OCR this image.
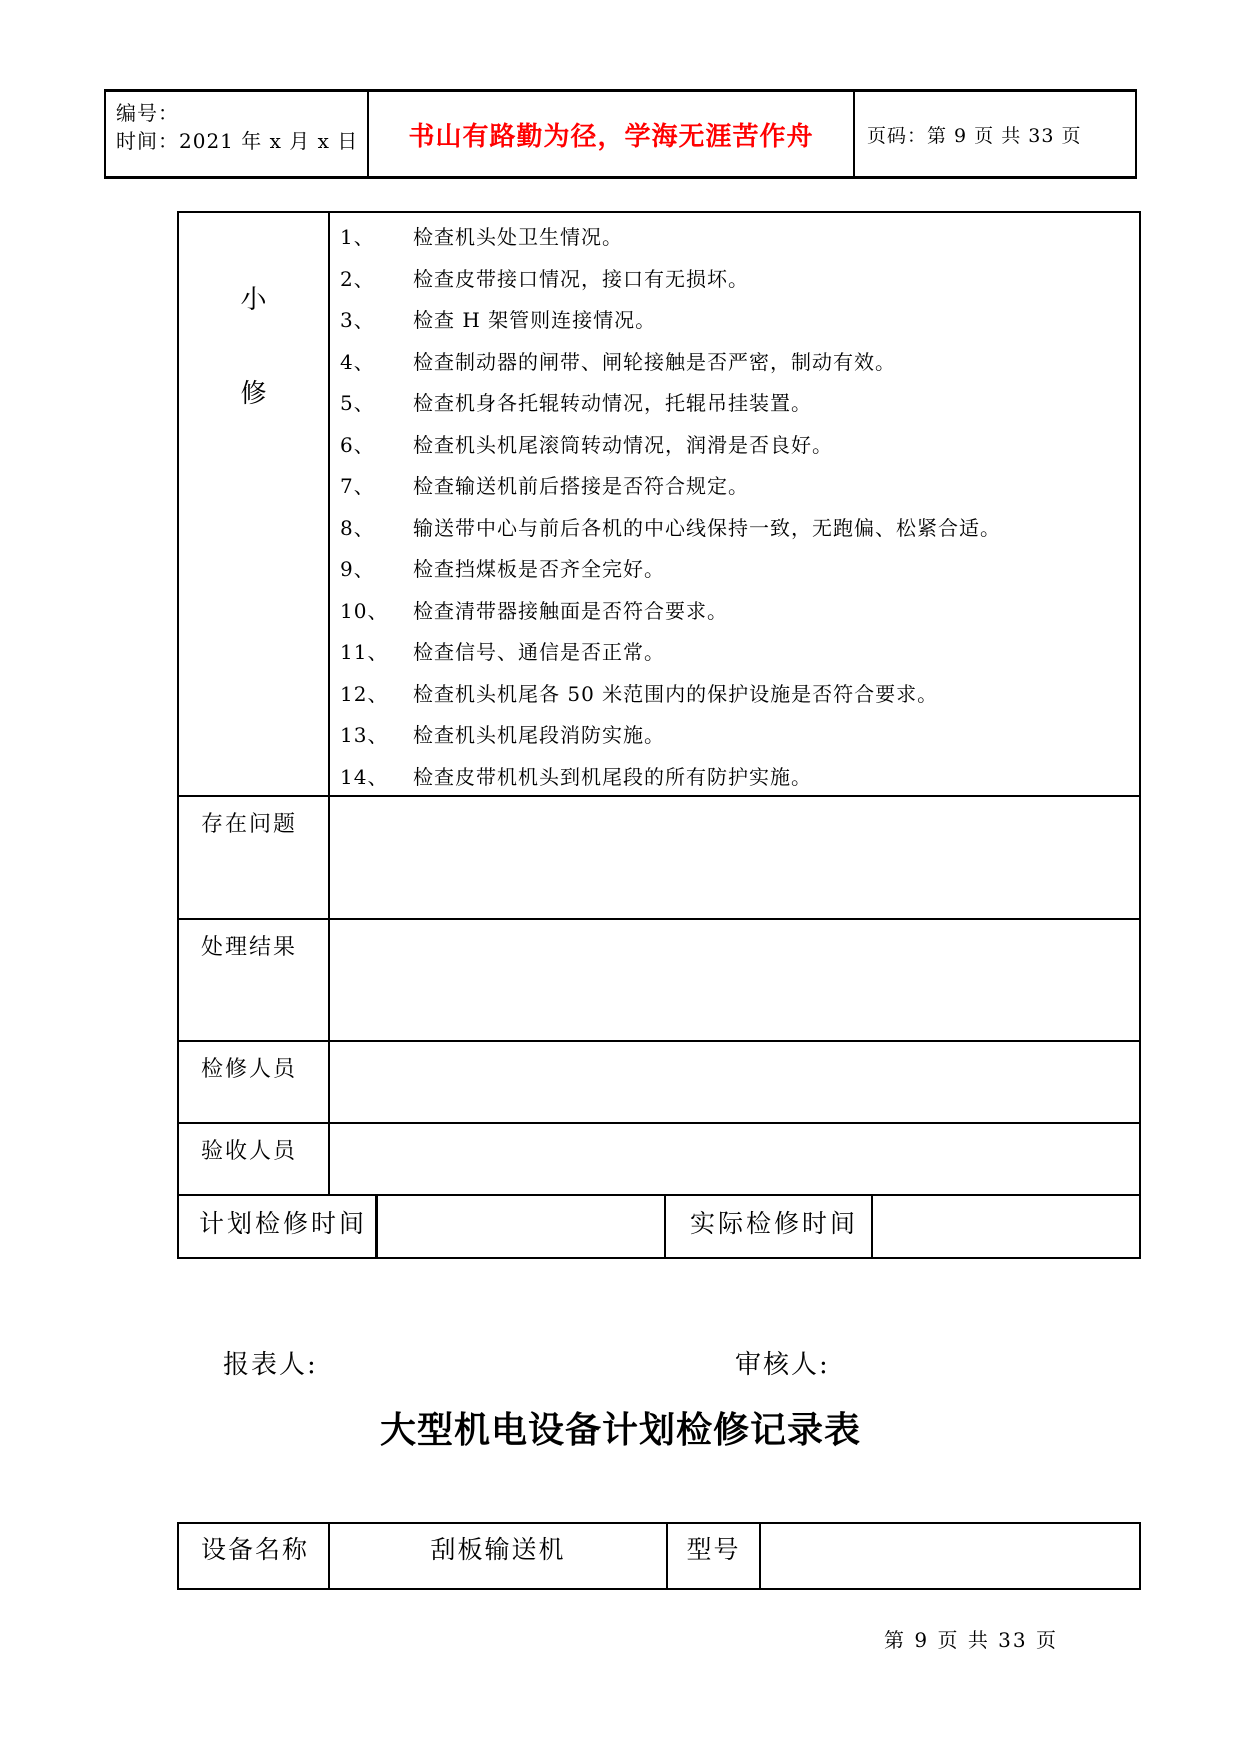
编号：
时间：2021 年 x 月 x 日	书山有路勤为径，学海无涯苦作舟	页码：第 9 页 共 33 页
小
修
1、	检查机头处卫生情况。
2、	检查皮带接口情况，接口有无损坏。
3、	检查 H 架管则连接情况。
4、	检查制动器的闸带、闸轮接触是否严密，制动有效。
5、	检查机身各托辊转动情况，托辊吊挂装置。
6、	检查机头机尾滚筒转动情况，润滑是否良好。
7、	检查输送机前后搭接是否符合规定。
8、	输送带中心与前后各机的中心线保持一致，无跑偏、松紧合适。
9、	检查挡煤板是否齐全完好。
10、	检查清带器接触面是否符合要求。
11、	检查信号、通信是否正常。
12、	检查机头机尾各 50 米范围内的保护设施是否符合要求。
13、	检查机头机尾段消防实施。
14、	检查皮带机机头到机尾段的所有防护实施。
存在问题
处理结果
检修人员
验收人员
计划检修时间	实际检修时间
报表人:	审核人:
大型机电设备计划检修记录表
设备名称	刮板输送机	型号
第 9 页 共 33 页
